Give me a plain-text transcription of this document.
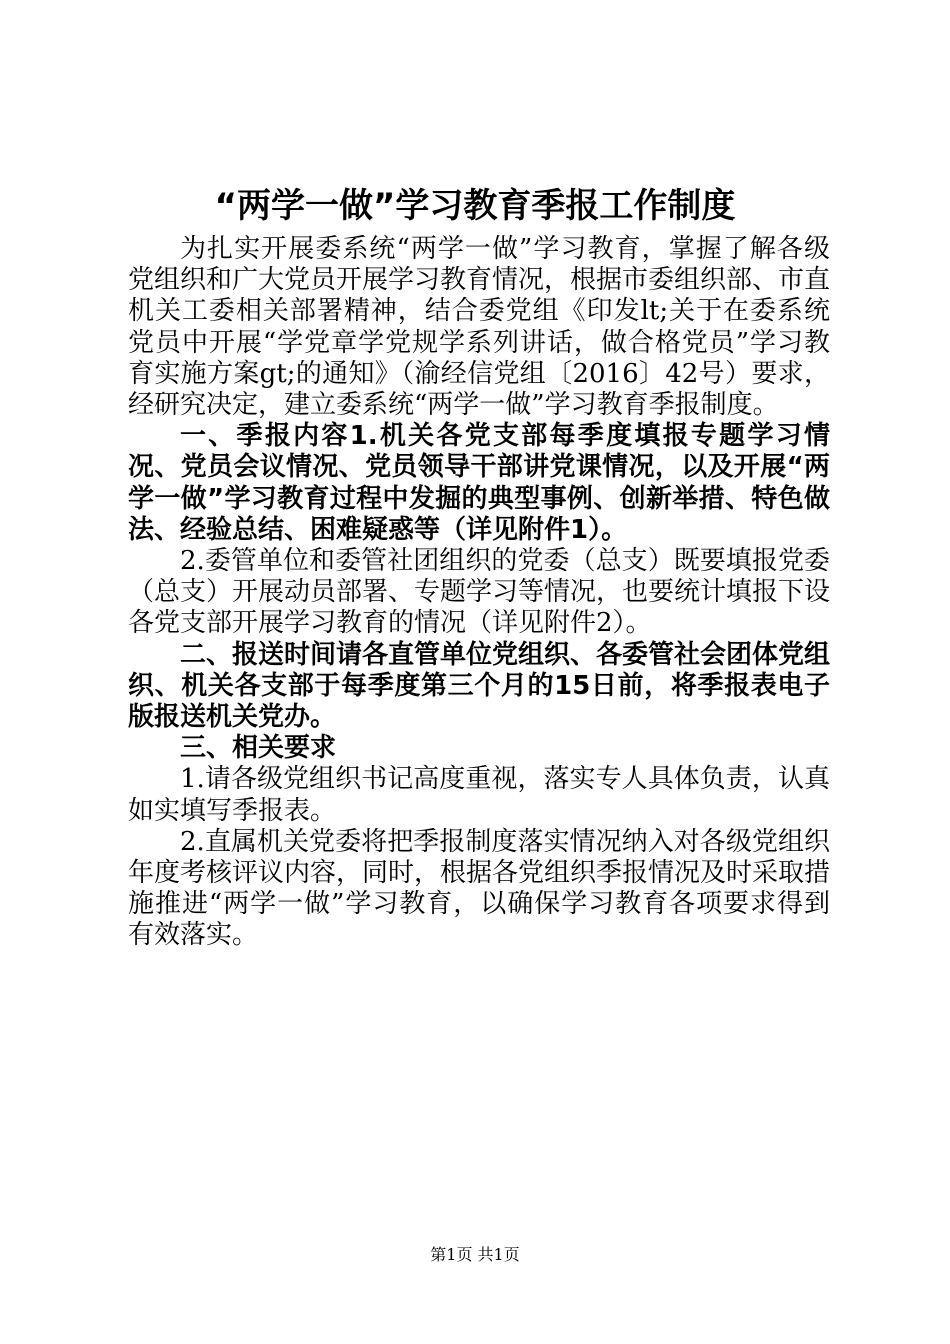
“两学一做”学习教育季报工作制度

为扎实开展委系统“两学一做”学习教育，掌握了解各级党组织和广大党员开展学习教育情况，根据市委组织部、市直机关工委相关部署精神，结合委党组《印发lt;关于在委系统党员中开展“学党章学党规学系列讲话，做合格党员”学习教育实施方案gt;的通知》（渝经信党组〔2016〕42号）要求，经研究决定，建立委系统“两学一做”学习教育季报制度。

一、季报内容1.机关各党支部每季度填报专题学习情况、党员会议情况、党员领导干部讲党课情况，以及开展“两学一做”学习教育过程中发掘的典型事例、创新举措、特色做法、经验总结、困难疑惑等（详见附件1）。

2.委管单位和委管社团组织的党委（总支）既要填报党委（总支）开展动员部署、专题学习等情况，也要统计填报下设各党支部开展学习教育的情况（详见附件2）。

二、报送时间请各直管单位党组织、各委管社会团体党组织、机关各支部于每季度第三个月的15日前，将季报表电子版报送机关党办。

三、相关要求

1.请各级党组织书记高度重视，落实专人具体负责，认真如实填写季报表。

2.直属机关党委将把季报制度落实情况纳入对各级党组织年度考核评议内容，同时，根据各党组织季报情况及时采取措施推进“两学一做”学习教育，以确保学习教育各项要求得到有效落实。

第1页 共1页
